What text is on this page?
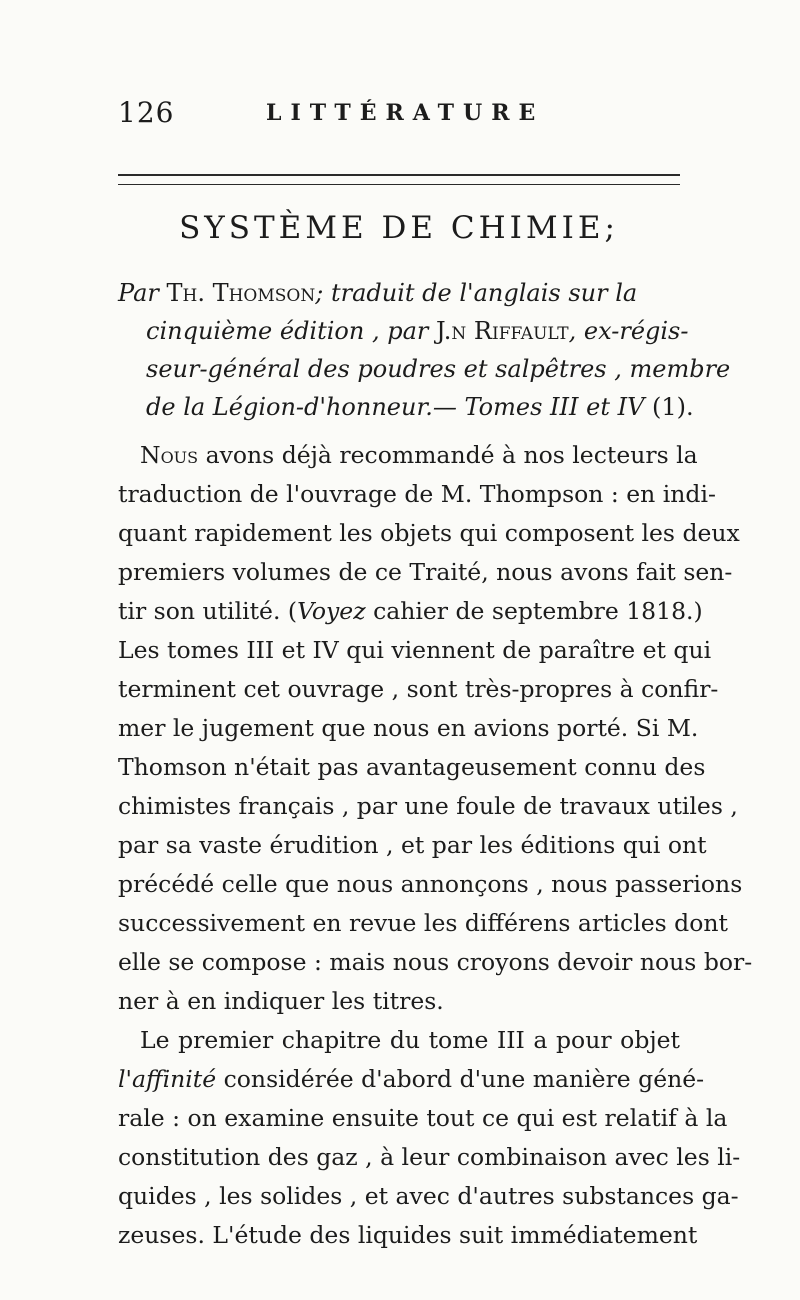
126	LITTÉRATURE
SYSTÈME DE CHIMIE;
Par Th. Thomson; traduit de l'anglais sur la
cinquième édition , par J.n Riffault, ex-régis-
seur-général des poudres et salpêtres , membre
de la Légion-d'honneur.— Tomes III et IV (1).
Nous avons déjà recommandé à nos lecteurs la
traduction de l'ouvrage de M. Thompson : en indi-
quant rapidement les objets qui composent les deux
premiers volumes de ce Traité, nous avons fait sen-
tir son utilité. (Voyez cahier de septembre 1818.)
Les tomes III et IV qui viennent de paraître et qui
terminent cet ouvrage , sont très-propres à confir-
mer le jugement que nous en avions porté. Si M.
Thomson n'était pas avantageusement connu des
chimistes français , par une foule de travaux utiles ,
par sa vaste érudition , et par les éditions qui ont
précédé celle que nous annonçons , nous passerions
successivement en revue les différens articles dont
elle se compose : mais nous croyons devoir nous bor-
ner à en indiquer les titres.
Le premier chapitre du tome III a pour objet
l'affinité considérée d'abord d'une manière géné-
rale : on examine ensuite tout ce qui est relatif à la
constitution des gaz , à leur combinaison avec les li-
quides , les solides , et avec d'autres substances ga-
zeuses. L'étude des liquides suit immédiatement
